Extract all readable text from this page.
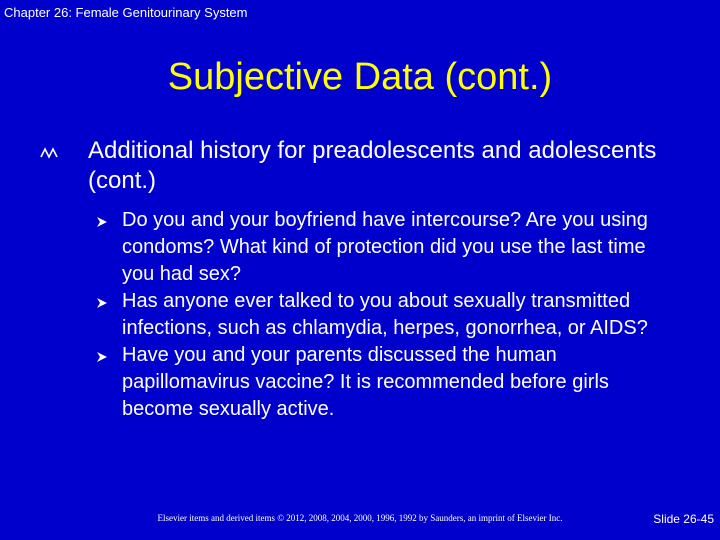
Chapter 26: Female Genitourinary System
Subjective Data (cont.)
Additional history for preadolescents and adolescents (cont.)
Do you and your boyfriend have intercourse? Are you using condoms? What kind of protection did you use the last time you had sex?
Has anyone ever talked to you about sexually transmitted infections, such as chlamydia, herpes, gonorrhea, or AIDS?
Have you and your parents discussed the human papillomavirus vaccine? It is recommended before girls become sexually active.
Elsevier items and derived items © 2012, 2008, 2004, 2000, 1996, 1992 by Saunders, an imprint of Elsevier Inc.	Slide 26-45
